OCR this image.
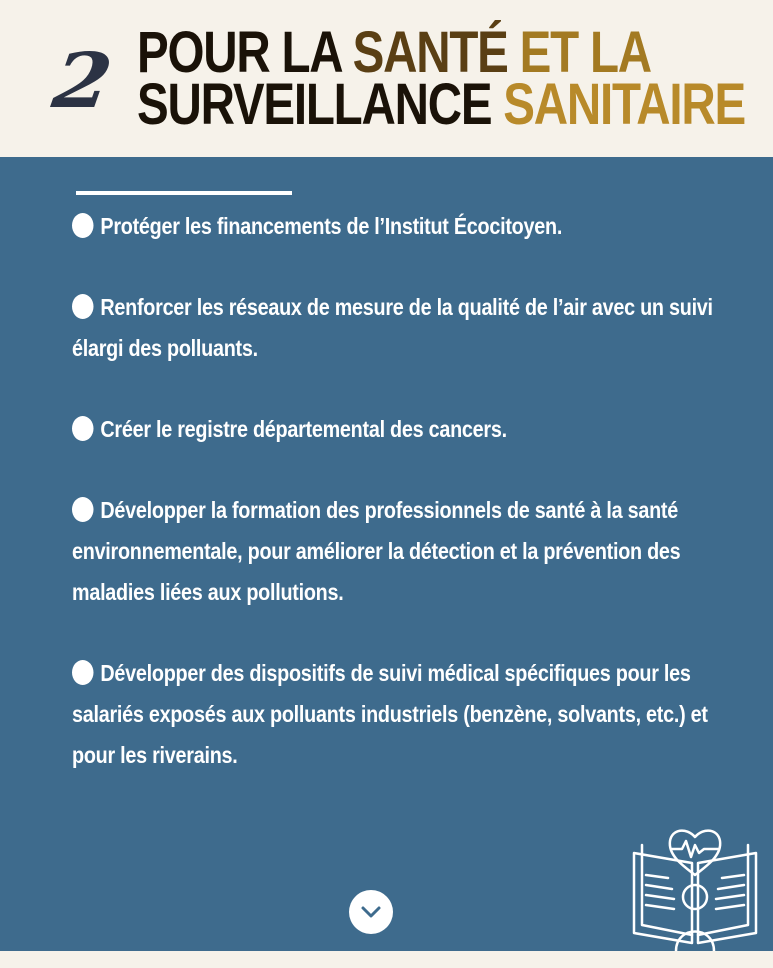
2 POUR LA SANTÉ ET LA
SURVEILLANCE SANITAIRE
Protéger les financements de l’Institut Écocitoyen.
Renforcer les réseaux de mesure de la qualité de l’air avec un suivi élargi des polluants.
Créer le registre départemental des cancers.
Développer la formation des professionnels de santé à la santé environnementale, pour améliorer la détection et la prévention des maladies liées aux pollutions.
Développer des dispositifs de suivi médical spécifiques pour les salariés exposés aux polluants industriels (benzène, solvants, etc.) et pour les riverains.
